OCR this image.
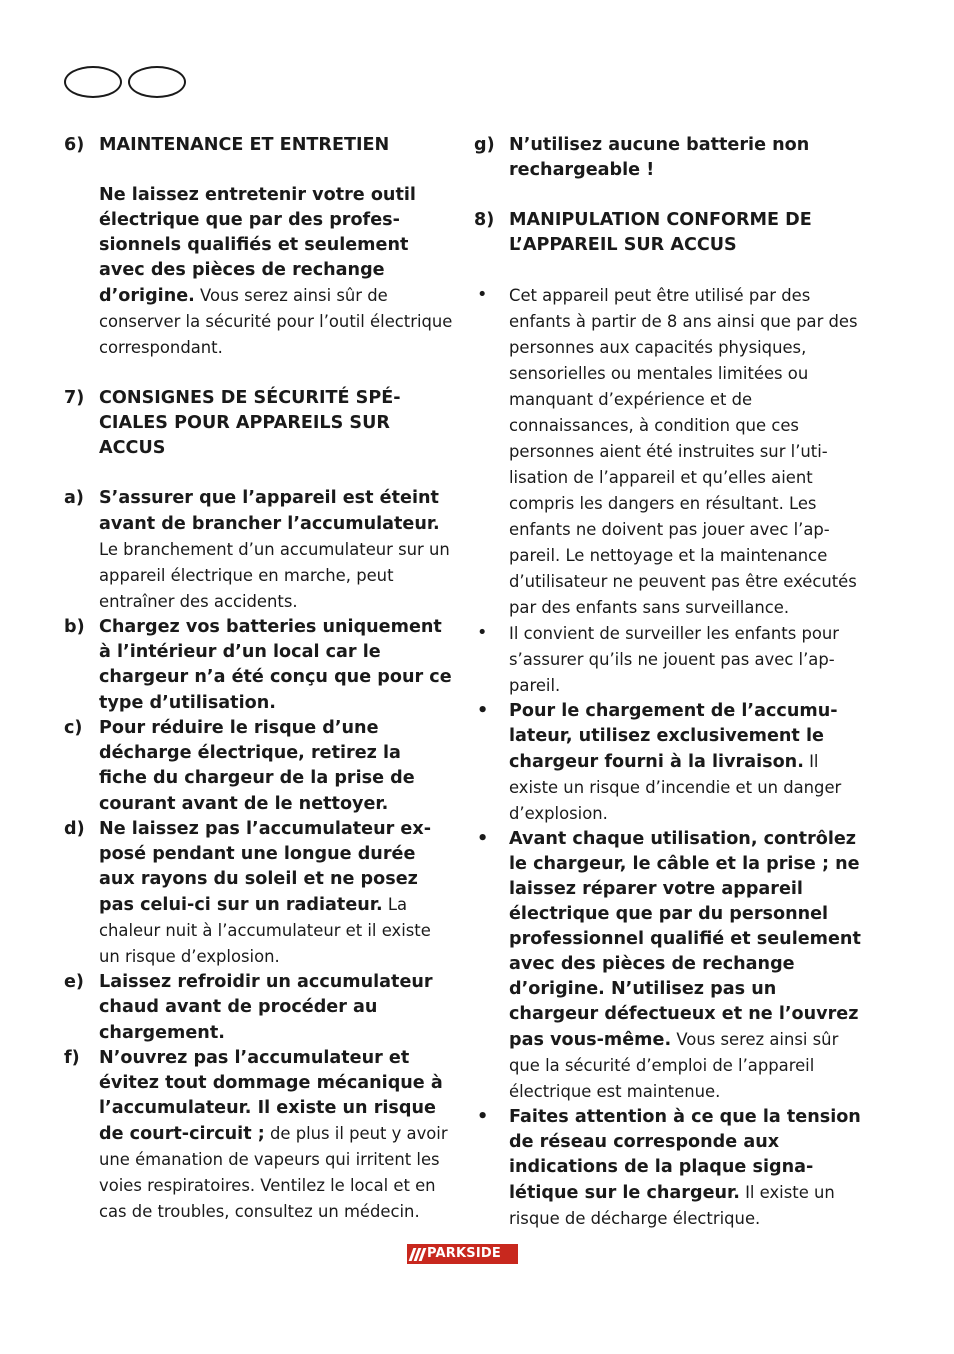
6) MAINTENANCE ET ENTRETIEN
Ne laissez entretenir votre outil électrique que par des professionnels qualifiés et seulement avec des pièces de rechange d’origine. Vous serez ainsi sûr de conserver la sécurité pour l’outil électrique correspondant.
7) CONSIGNES DE SÉCURITÉ SPÉCIALES POUR APPAREILS SUR ACCUS
a) S’assurer que l’appareil est éteint avant de brancher l’accumulateur. Le branchement d’un accumulateur sur un appareil électrique en marche, peut entraîner des accidents.
b) Chargez vos batteries uniquement à l’intérieur d’un local car le chargeur n’a été conçu que pour ce type d’utilisation.
c) Pour réduire le risque d’une décharge électrique, retirez la fiche du chargeur de la prise de courant avant de le nettoyer.
d) Ne laissez pas l’accumulateur exposé pendant une longue durée aux rayons du soleil et ne posez pas celui-ci sur un radiateur. La chaleur nuit à l’accumulateur et il existe un risque d’explosion.
e) Laissez refroidir un accumulateur chaud avant de procéder au chargement.
f)	N’ouvrez pas l’accumulateur et évitez tout dommage mécanique à l’accumulateur. Il existe un risque de court-circuit ; de plus il peut y avoir une émanation de vapeurs qui irritent les voies respiratoires. Ventilez le local et en cas de troubles, consultez un médecin.
g) N’utilisez aucune batterie non rechargeable !
8) MANIPULATION CONFORME DE L’APPAREIL SUR ACCUS
•	Cet appareil peut être utilisé par des enfants à partir de 8 ans ainsi que par des personnes aux capacités physiques, sensorielles ou mentales limitées ou manquant d’expérience et de connaissances, à condition que ces personnes aient été instruites sur l’utilisation de l’appareil et qu’elles aient compris les dangers en résultant. Les enfants ne doivent pas jouer avec l’appareil. Le nettoyage et la maintenance d’utilisateur ne peuvent pas être exécutés par des enfants sans surveillance.
•	Il convient de surveiller les enfants pour s’assurer qu’ils ne jouent pas avec l’appareil.
•	Pour le chargement de l’accumulateur, utilisez exclusivement le chargeur fourni à la livraison. Il existe un risque d’incendie et un danger d’explosion.
•	Avant chaque utilisation, contrôlez le chargeur, le câble et la prise ; ne laissez réparer votre appareil électrique que par du personnel professionnel qualifié et seulement avec des pièces de rechange d’origine. N’utilisez pas un chargeur défectueux et ne l’ouvrez pas vous-même. Vous serez ainsi sûr que la sécurité d’emploi de l’appareil électrique est maintenue.
•	Faites attention à ce que la tension de réseau corresponde aux indications de la plaque signalétique sur le chargeur. Il existe un risque de décharge électrique.
PARKSIDE
